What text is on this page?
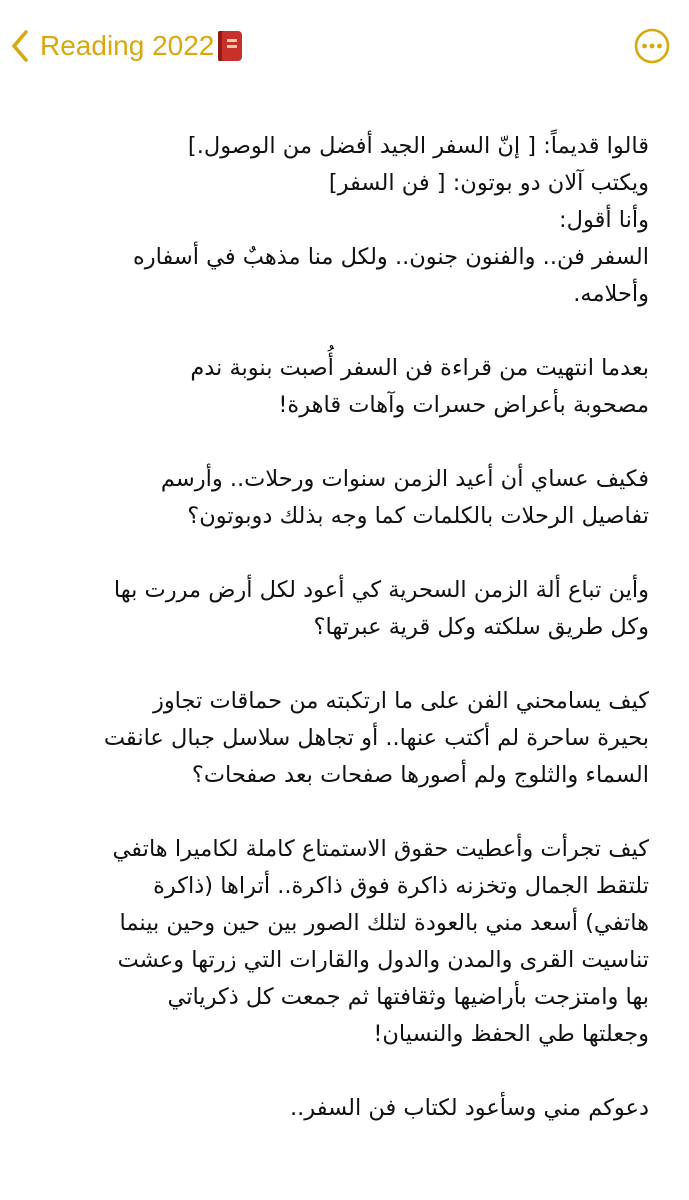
Reading 2022
قالوا قديماً: [ إنّ السفر الجيد أفضل من الوصول.]
ويكتب آلان دو بوتون: [ فن السفر]
وأنا أقول:
السفر فن.. والفنون جنون.. ولكل منا مذهبٌ في أسفاره
وأحلامه.
بعدما انتهيت من قراءة فن السفر أُصبت بنوبة ندم
مصحوبة بأعراض حسرات وآهات قاهرة!
فكيف عساي أن أعيد الزمن سنوات ورحلات.. وأرسم
تفاصيل الرحلات بالكلمات كما وجه بذلك دوبوتون؟
وأين تباع ألة الزمن السحرية كي أعود لكل أرض مررت بها
وكل طريق سلكته وكل قرية عبرتها؟
كيف يسامحني الفن على ما ارتكبته من حماقات تجاوز
بحيرة ساحرة لم أكتب عنها.. أو تجاهل سلاسل جبال عانقت
السماء والثلوج ولم أصورها صفحات بعد صفحات؟
كيف تجرأت وأعطيت حقوق الاستمتاع كاملة لكاميرا هاتفي
تلتقط الجمال وتخزنه ذاكرة فوق ذاكرة.. أتراها (ذاكرة
هاتفي) أسعد مني بالعودة لتلك الصور بين حين وحين بينما
تناسيت القرى والمدن والدول والقارات التي زرتها وعشت
بها وامتزجت بأراضيها وثقافتها ثم جمعت كل ذكرياتي
وجعلتها طي الحفظ والنسيان!
دعوكم مني وسأعود لكتاب فن السفر..
